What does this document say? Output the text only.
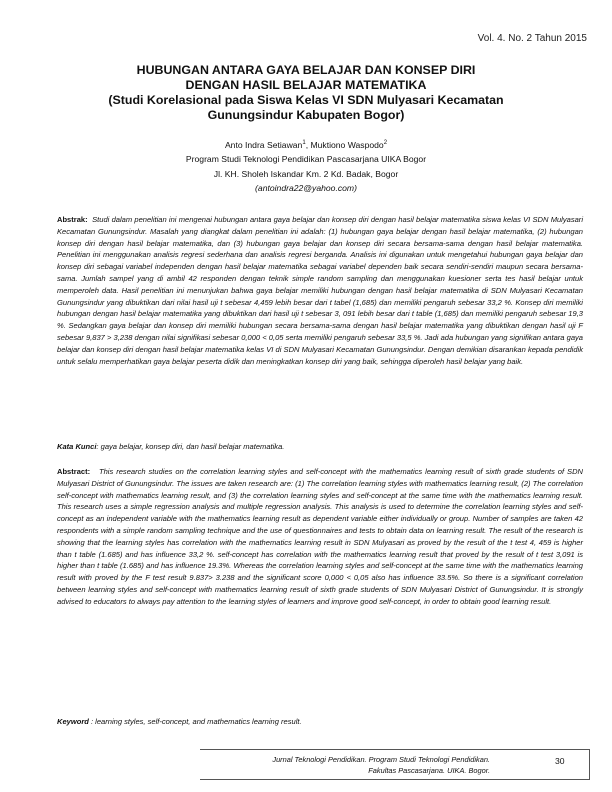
Vol. 4. No. 2 Tahun 2015
HUBUNGAN ANTARA GAYA BELAJAR DAN KONSEP DIRI
DENGAN HASIL BELAJAR MATEMATIKA
(Studi Korelasional pada Siswa Kelas VI SDN Mulyasari Kecamatan
Gunungsindur Kabupaten Bogor)
Anto Indra Setiawan$^1$, Muktiono Waspodo$^2$
Program Studi Teknologi Pendidikan Pascasarjana UIKA Bogor
Jl. KH. Sholeh Iskandar Km. 2 Kd. Badak, Bogor
(antoindra22@yahoo.com)

Abstrak: Studi dalam penelitian ini mengenai hubungan antara gaya belajar dan konsep diri dengan hasil belajar matematika siswa kelas VI SDN Mulyasari Kecamatan Gunungsindur. Masalah yang diangkat dalam penelitian ini adalah: (1) hubungan gaya belajar dengan hasil belajar matematika, (2) hubungan konsep diri dengan hasil belajar matematika, dan (3) hubungan gaya belajar dan konsep diri secara bersama-sama dengan hasil belajar matematika. Penelitian ini menggunakan analisis regresi sederhana dan analisis regresi berganda. Analisis ini digunakan untuk mengetahui hubungan gaya belajar dan konsep diri sebagai variabel independen dengan hasil belajar matematika sebagai variabel dependen baik secara sendiri-sendiri maupun secara bersama-sama. Jumlah sampel yang di ambil 42 responden dengan teknik simple random sampling dan menggunakan kuesioner serta tes hasil belajar untuk memperoleh data. Hasil penelitian ini menunjukan bahwa gaya belajar memiliki hubungan dengan hasil belajar matematika di SDN Mulyasari Kecamatan Gunungsindur yang dibuktikan dari nilai hasil uji t sebesar 4,459 lebih besar dari t tabel (1,685) dan memiliki pengaruh sebesar 33,2 %. Konsep diri memiliki hubungan dengan hasil belajar matematika yang dibuktikan dari hasil uji t sebesar 3, 091 lebih besar dari t table (1,685) dan memiliki pengaruh sebesar 19,3 %. Sedangkan gaya belajar dan konsep diri memiliki hubungan secara bersama-sama dengan hasil belajar matematika yang dibuktikan dengan hasil uji F sebesar 9,837 > 3,238 dengan nilai signifikasi sebesar 0,000 < 0,05 serta memiliki pengaruh sebesar 33,5 %. Jadi ada hubungan yang signifikan antara gaya belajar dan konsep diri dengan hasil belajar matematika kelas VI di SDN Mulyasari Kecamatan Gunungsindur. Dengan demikian disarankan kepada pendidik untuk selalu memperhatikan gaya belajar peserta didik dan meningkatkan konsep diri yang baik, sehingga diperoleh hasil belajar yang baik.

Kata Kunci: gaya belajar, konsep diri, dan hasil belajar matematika.

Abstract: This research studies on the correlation learning styles and self-concept with the mathematics learning result of sixth grade students of SDN Mulyasari District of Gunungsindur. The issues are taken research are: (1) The correlation learning styles with mathematics learning result, (2) The correlation self-concept with mathematics learning result, and (3) the correlation learning styles and self-concept at the same time with the mathematics learning result. This research uses a simple regression analysis and multiple regression analysis. This analysis is used to determine the correlation learning styles and self-concept as an independent variable with the mathematics learning result as dependent variable either individually or group. Number of samples are taken 42 respondents with a simple random sampling technique and the use of questionnaires and tests to obtain data on learning result. The result of the research is showing that the learning styles has correlation with the mathematics learning result in SDN Mulyasari as proved by the result of the t test 4, 459 is higher than t table (1.685) and has influence 33,2 %. self-concept has correlation with the mathematics learning result that proved by the result of t test 3,091 is higher than t table (1.685) and has influence 19.3%. Whereas the correlation learning styles and self-concept at the same time with the mathematics learning result with proved by the F test result 9.837> 3.238 and the significant score 0,000 < 0,05 also has influence 33.5%. So there is a significant correlation between learning styles and self-concept with mathematics learning result of sixth grade students of SDN Mulyasari District of Gunungsindur. It is strongly advised to educators to always pay attention to the learning styles of learners and improve good self-concept, in order to obtain good learning result.

Keyword : learning styles, self-concept, and mathematics learning result.

Jurnal Teknologi Pendidikan. Program Studi Teknologi Pendidikan.
Fakultas Pascasarjana. UIKA. Bogor.
30
